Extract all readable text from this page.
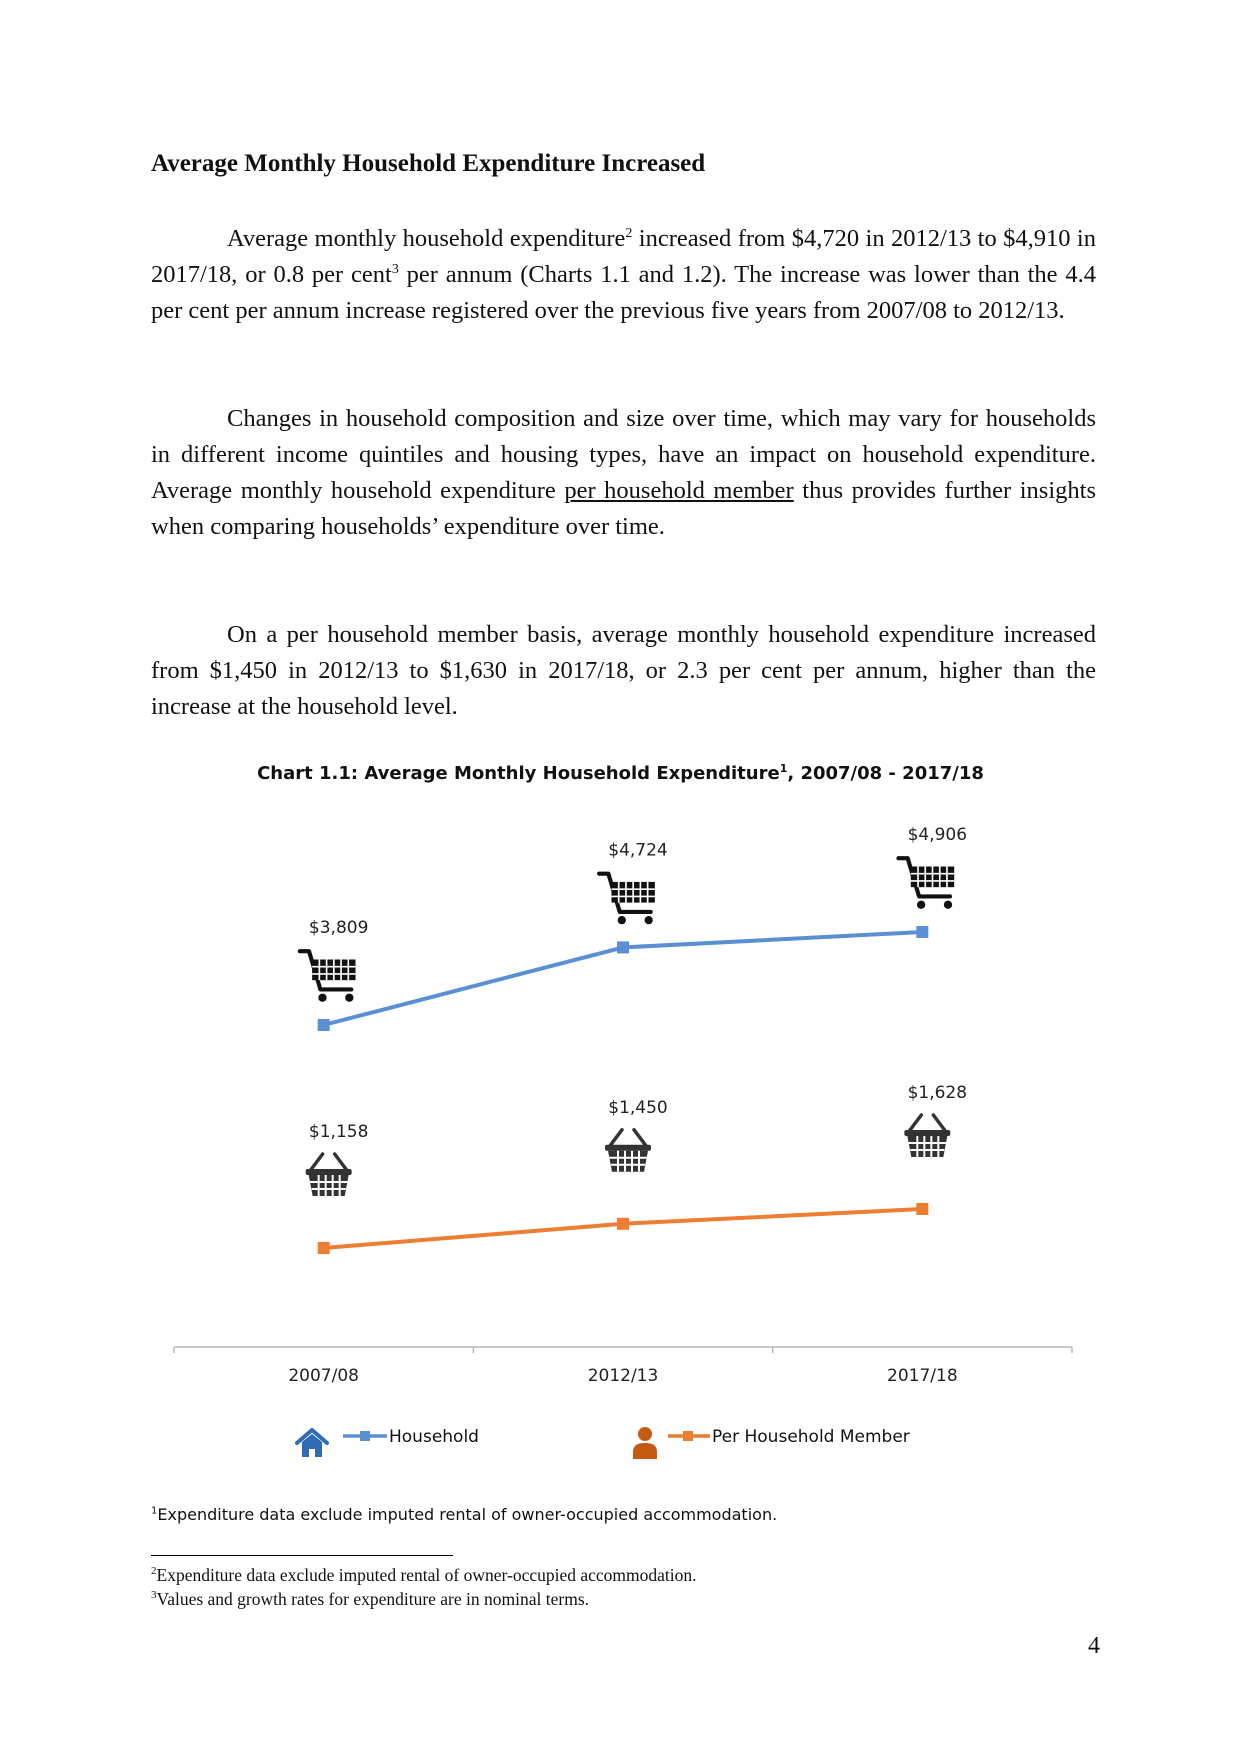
Average Monthly Household Expenditure Increased

Average monthly household expenditure$^2$ increased from $4,720 in 2012/13 to $4,910 in 2017/18, or 0.8 per cent$^3$ per annum (Charts 1.1 and 1.2). The increase was lower than the 4.4 per cent per annum increase registered over the previous five years from 2007/08 to 2012/13.

Changes in household composition and size over time, which may vary for households in different income quintiles and housing types, have an impact on household expenditure. Average monthly household expenditure per household member thus provides further insights when comparing households’ expenditure over time.

On a per household member basis, average monthly household expenditure increased from $1,450 in 2012/13 to $1,630 in 2017/18, or 2.3 per cent per annum, higher than the increase at the household level.

Chart 1.1: Average Monthly Household Expenditure$^1$, 2007/08 - 2017/18
2007/08	2012/13	2017/18
$3,809
$4,724
$4,906
$1,158
$1,450
$1,628
Household	Per Household Member

$^1$Expenditure data exclude imputed rental of owner-occupied accommodation.

$^2$Expenditure data exclude imputed rental of owner-occupied accommodation.

$^3$Values and growth rates for expenditure are in nominal terms.

4
